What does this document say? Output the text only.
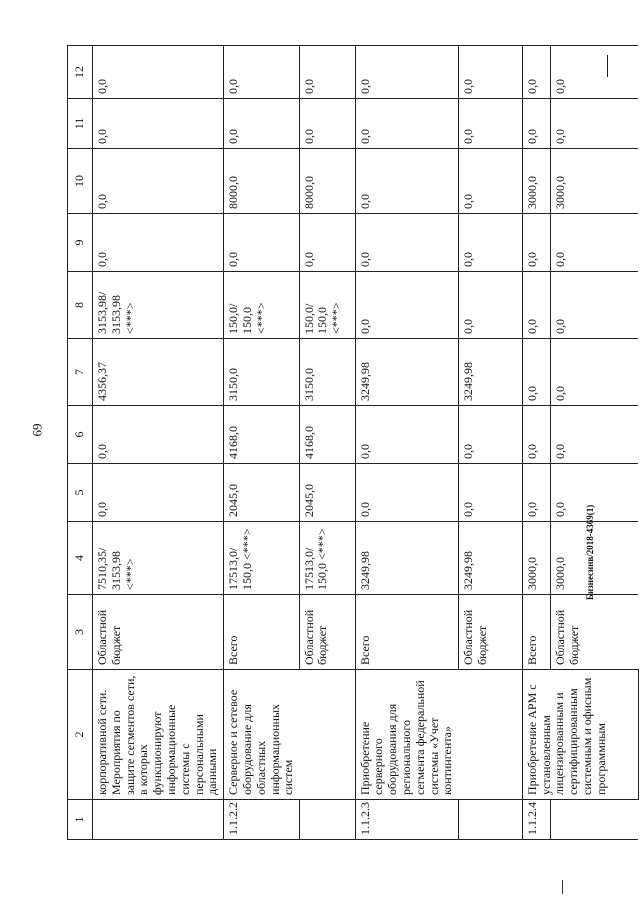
69
Бизнесинв/2018-4369(1)
1	2	3	4	5	6	7	8	9	10	11	12
	корпоративной сети. Мероприятия по защите сегментов сети, в которых функционируют информационные системы с персональными данными	Областной бюджет	7510,35/ 3153,98 <***>	0,0	0,0	4356,37	3153,98/ 3153,98 <***>	0,0	0,0	0,0	0,0
1.1.2.2	Серверное и сетевое оборудование для областных информационных систем	Всего	17513,0/ 150,0 <***>	2045,0	4168,0	3150,0	150,0/ 150,0 <***>	0,0	8000,0	0,0	0,0
		Областной бюджет	17513,0/ 150,0 <***>	2045,0	4168,0	3150,0	150,0/ 150,0 <***>	0,0	8000,0	0,0	0,0
1.1.2.3	Приобретение серверного оборудования для регионального сегмента федеральной системы «Учет контингента»	Всего	3249,98	0,0	0,0	3249,98	0,0	0,0	0,0	0,0	0,0
		Областной бюджет	3249,98	0,0	0,0	3249,98	0,0	0,0	0,0	0,0	0,0
1.1.2.4	Приобретение АРМ с установленным лицензированным и сертифицированным системным и офисным программным	Всего	3000,0	0,0	0,0	0,0	0,0	0,0	3000,0	0,0	0,0
		Областной бюджет	3000,0	0,0	0,0	0,0	0,0	0,0	3000,0	0,0	0,0
